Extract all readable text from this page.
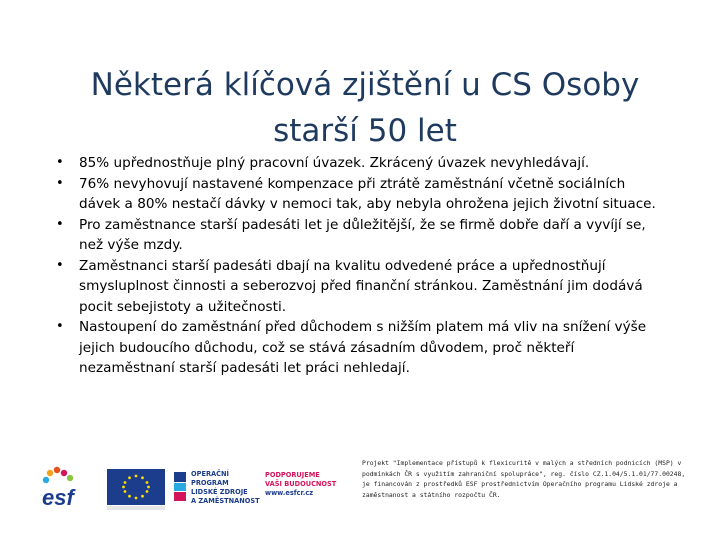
Některá klíčová zjištění u CS Osoby
starší 50 let
• 85% upřednostňuje plný pracovní úvazek. Zkrácený úvazek nevyhledávají.
• 76% nevyhovují nastavené kompenzace při ztrátě zaměstnání včetně sociálních dávek a 80% nestačí dávky v nemoci tak, aby nebyla ohrožena jejich životní situace.
• Pro zaměstnance starší padesáti let je důležitější, že se firmě dobře daří a vyvíjí se, než výše mzdy.
• Zaměstnanci starší padesáti dbají na kvalitu odvedené práce a upřednostňují smysluplnost činnosti a seberozvoj před finanční stránkou. Zaměstnání jim dodává pocit sebejistoty a užitečnosti.
• Nastoupení do zaměstnání před důchodem s nižším platem má vliv na snížení výše jejich budoucího důchodu, což se stává zásadním důvodem, proč někteří nezaměstnaní starší padesáti let práci nehledají.
esf
OPERAČNÍ PROGRAM
LIDSKÉ ZDROJE
A ZAMĚSTNANOST
PODPORUJEME
VAŠI BUDOUCNOST
www.esfcr.cz
Projekt "Implementace přístupů k flexicuritě v malých a středních podnicích (MSP) v podmínkách ČR s využitím zahraniční spolupráce", reg. číslo CZ.1.04/5.1.01/77.00248, je financován z prostředků ESF prostřednictvím Operačního programu Lidské zdroje a zaměstnanost a státního rozpočtu ČR.
